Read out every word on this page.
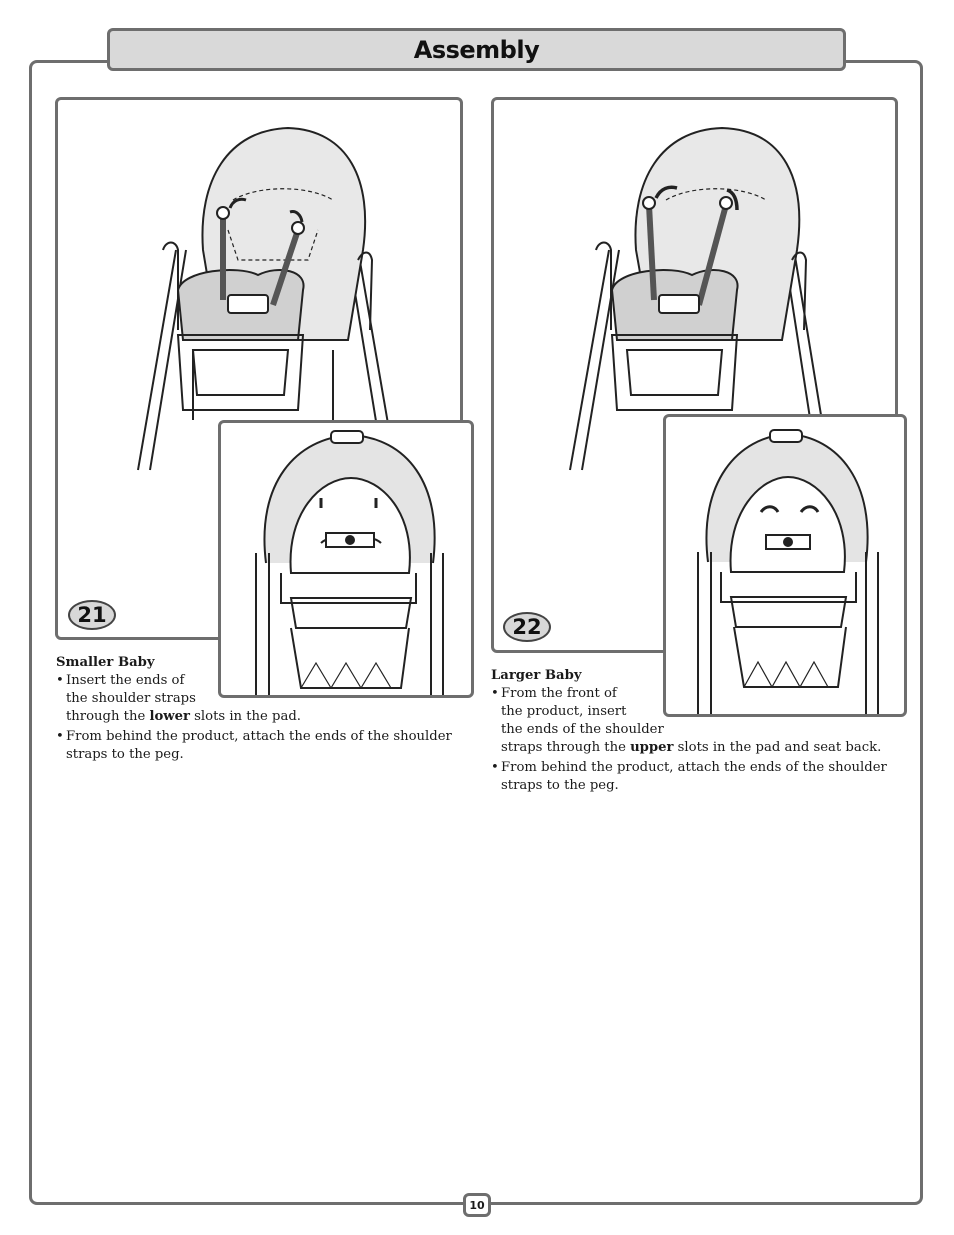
Assembly
21
Smaller Baby
• Insert the ends of
the shoulder straps
through the lower slots in the pad.
• From behind the product, attach the ends of the shoulder
straps to the peg.
22
Larger Baby
• From the front of
the product, insert
the ends of the shoulder
straps through the upper slots in the pad and seat back.
• From behind the product, attach the ends of the shoulder
straps to the peg.
10
